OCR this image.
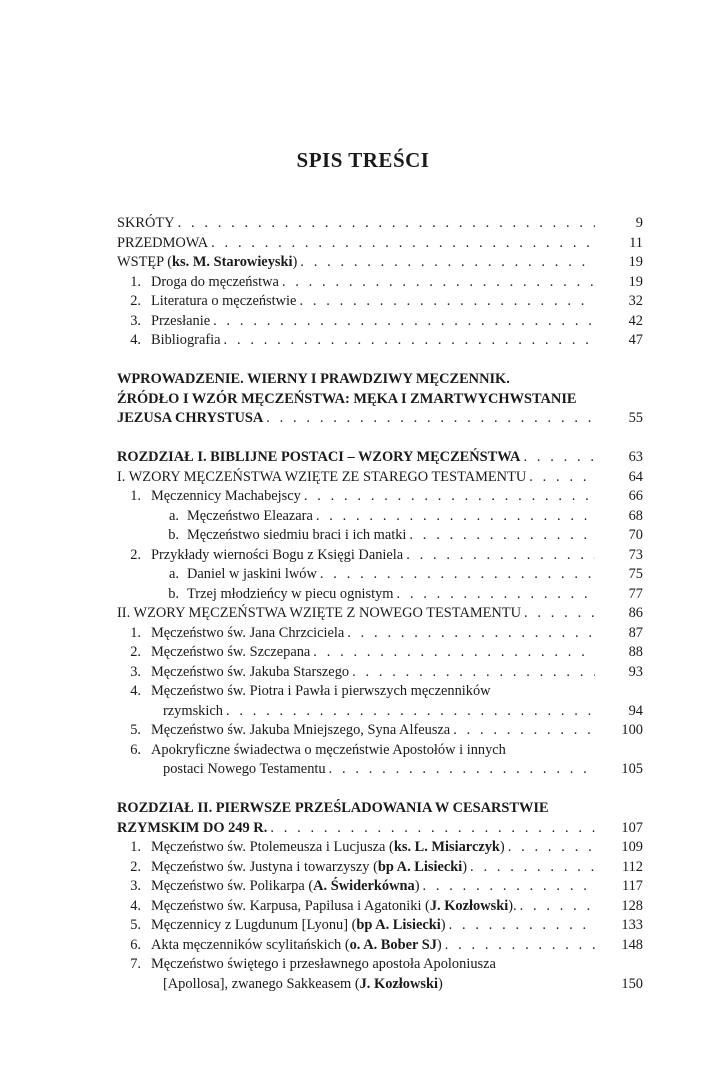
SPIS TREŚCI
SKRÓTY . . .	9
PRZEDMOWA . . .	11
WSTĘP (ks. M. Starowieyski) . . .	19
1. Droga do męczeństwa . . .	19
2. Literatura o męczeństwie . . .	32
3. Przesłanie . . .	42
4. Bibliografia . . .	47
WPROWADZENIE. WIERNY I PRAWDZIWY MĘCZENNIK.
ŹRÓDŁO I WZÓR MĘCZEŃSTWA: MĘKA I ZMARTWYCHWSTANIE
JEZUSA CHRYSTUSA . . .	55
ROZDZIAŁ I. BIBLIJNE POSTACI – WZORY MĘCZEŃSTWA . . .	63
I. WZORY MĘCZEŃSTWA WZIĘTE ZE STAREGO TESTAMENTU . . .	64
1. Męczennicy Machabejscy . . .	66
a. Męczeństwo Eleazara . . .	68
b. Męczeństwo siedmiu braci i ich matki . . .	70
2. Przykłady wierności Bogu z Księgi Daniela . . .	73
a. Daniel w jaskini lwów . . .	75
b. Trzej młodzieńcy w piecu ognistym . . .	77
II. WZORY MĘCZEŃSTWA WZIĘTE Z NOWEGO TESTAMENTU . . .	86
1. Męczeństwo św. Jana Chrzciciela . . .	87
2. Męczeństwo św. Szczepana . . .	88
3. Męczeństwo św. Jakuba Starszego . . .	93
4. Męczeństwo św. Piotra i Pawła i pierwszych męczenników
rzymskich . . .	94
5. Męczeństwo św. Jakuba Mniejszego, Syna Alfeusza . . .	100
6. Apokryficzne świadectwa o męczeństwie Apostołów i innych
postaci Nowego Testamentu . . .	105
ROZDZIAŁ II. PIERWSZE PRZEŚLADOWANIA W CESARSTWIE
RZYMSKIM DO 249 R. . . .	107
1. Męczeństwo św. Ptolemeusza i Lucjusza (ks. L. Misiarczyk) . . .	109
2. Męczeństwo św. Justyna i towarzyszy (bp A. Lisiecki) . . .	112
3. Męczeństwo św. Polikarpa (A. Świderkówna) . . .	117
4. Męczeństwo św. Karpusa, Papilusa i Agatoniki (J. Kozłowski). . . .	128
5. Męczennicy z Lugdunum [Lyonu] (bp A. Lisiecki) . . .	133
6. Akta męczenników scylitańskich (o. A. Bober SJ) . . .	148
7. Męczeństwo świętego i przesławnego apostoła Apoloniusza
[Apollosa], zwanego Sakkeasem (J. Kozłowski)	150
